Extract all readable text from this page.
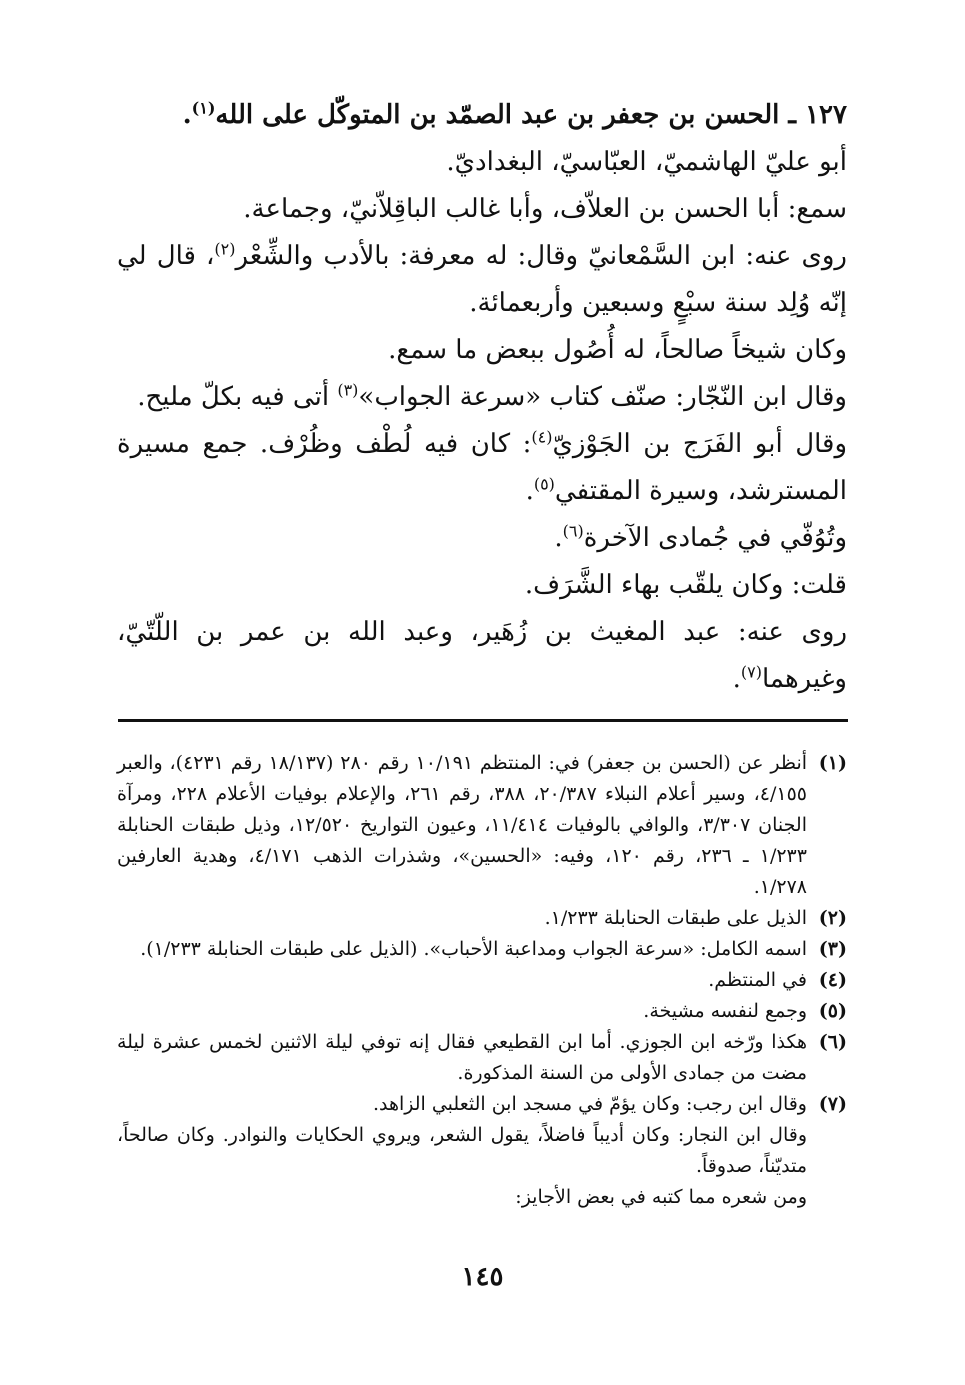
١٢٧ ـ الحسن بن جعفر بن عبد الصمّد بن المتوكّل على الله$^{(١)}$.

أبو عليّ الهاشميّ، العبّاسيّ، البغداديّ.

سمع: أبا الحسن بن العلاّف، وأبا غالب الباقِلاّنيّ، وجماعة.

روى عنه: ابن السَّمْعانيّ وقال: له معرفة: بالأدب والشِّعْر$^{(٢)}$، قال لي إنّه وُلِد سنة سبْعٍ وسبعين وأربعمائة.

وكان شيخاً صالحاً، له أُصُول ببعض ما سمع.

وقال ابن النّجّار: صنّف كتاب «سرعة الجواب»$^{(٣)}$ أتى فيه بكلّ مليح.

وقال أبو الفَرَج بن الجَوْزيّ$^{(٤)}$: كان فيه لُطْف وظُرْف. جمع مسيرة المسترشد، وسيرة المقتفي$^{(٥)}$.

وتُوُفّي في جُمادى الآخرة$^{(٦)}$.

قلت: وكان يلقّب بهاء الشَّرَف.

روى عنه: عبد المغيث بن زُهَير، وعبد الله بن عمر بن اللّتّيّ، وغيرهما$^{(٧)}$.

(١)
أنظر عن (الحسن بن جعفر) في: المنتظم ١٠/١٩١ رقم ٢٨٠ (١٨/١٣٧ رقم ٤٢٣١)، والعبر ٤/١٥٥، وسير أعلام النبلاء ٢٠/٣٨٧، ٣٨٨، رقم ٢٦١، والإعلام بوفيات الأعلام ٢٢٨، ومرآة الجنان ٣/٣٠٧، والوافي بالوفيات ١١/٤١٤، وعيون التواريخ ١٢/٥٢٠، وذيل طبقات الحنابلة ١/٢٣٣ ـ ٢٣٦، رقم ١٢٠، وفيه: «الحسين»، وشذرات الذهب ٤/١٧١، وهدية العارفين ١/٢٧٨.
(٢)
الذيل على طبقات الحنابلة ١/٢٣٣.
(٣)
اسمه الكامل: «سرعة الجواب ومداعبة الأحباب». (الذيل على طبقات الحنابلة ١/٢٣٣).
(٤)
في المنتظم.
(٥)
وجمع لنفسه مشيخة.
(٦)
هكذا ورّخه ابن الجوزي. أما ابن القطيعي فقال إنه توفي ليلة الاثنين لخمس عشرة ليلة مضت من جمادى الأولى من السنة المذكورة.
(٧)
وقال ابن رجب: وكان يؤمّ في مسجد ابن الثعلبي الزاهد.
وقال ابن النجار: وكان أديباً فاضلاً، يقول الشعر، ويروي الحكايات والنوادر. وكان صالحاً، متديّناً، صدوقاً.
ومن شعره مما كتبه في بعض الأجايز:
١٤٥
